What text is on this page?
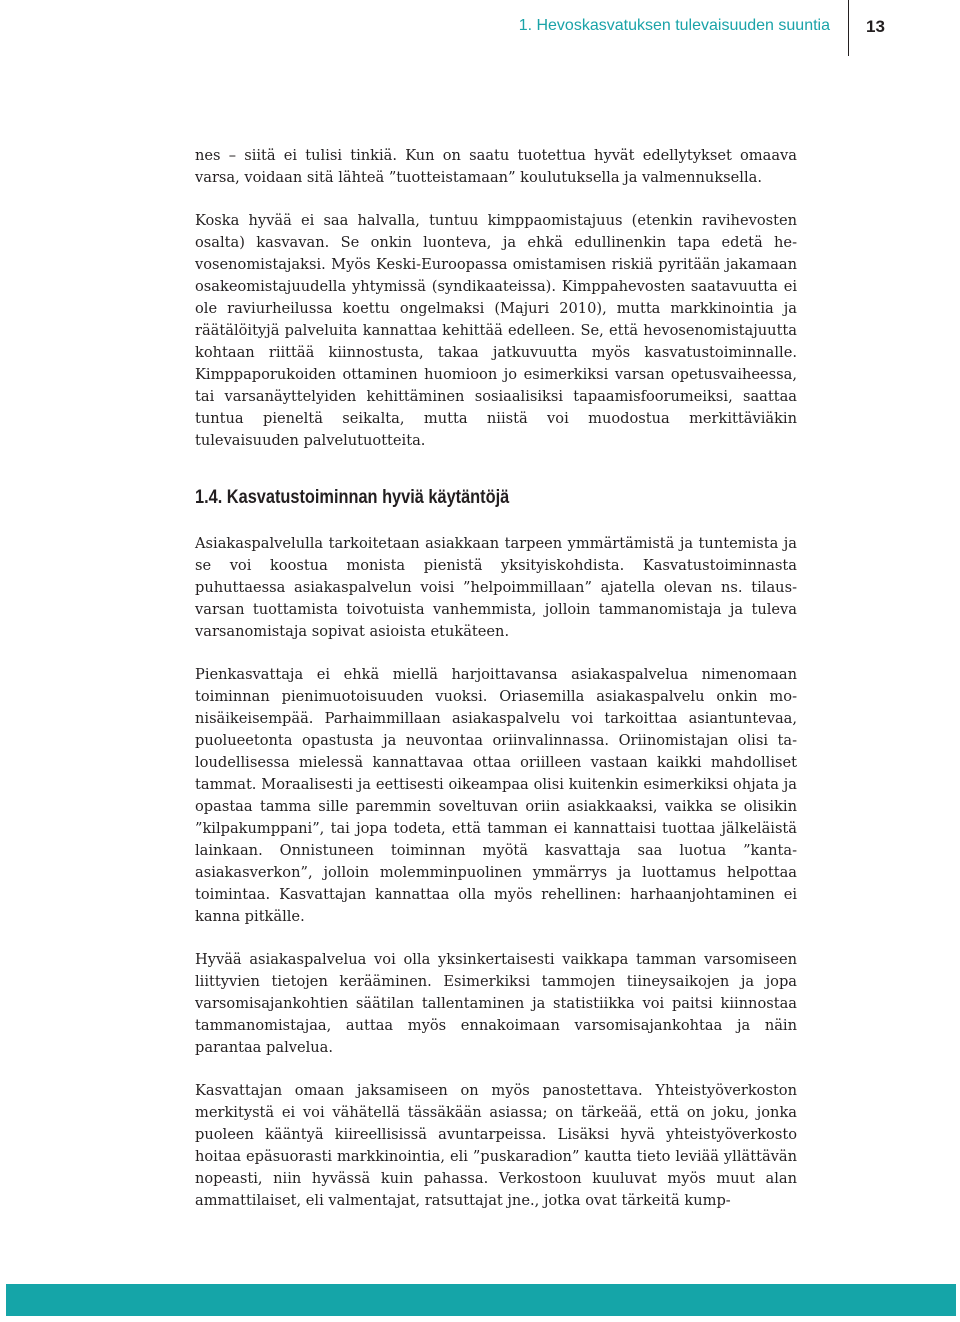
1. Hevoskasvatuksen tulevaisuuden suuntia 13

nes – siitä ei tulisi tinkiä. Kun on saatu tuotettua hyvät edellytykset omaava varsa, voidaan sitä lähteä ”tuotteistamaan” koulutuksella ja valmennuksella.

Koska hyvää ei saa halvalla, tuntuu kimppaomistajuus (etenkin ravihevosten osalta) kasvavan. Se onkin luonteva, ja ehkä edullinenkin tapa edetä hevosenomistajaksi. Myös Keski-Euroopassa omistamisen riskiä pyritään jakamaan osakeomistajuudella yhtymissä (syndikaateissa). Kimppahevosten saatavuutta ei ole raviurheilussa koettu ongelmaksi (Majuri 2010), mutta markkinointia ja räätälöityjä palveluita kannattaa kehittää edelleen. Se, että hevosenomistajuutta kohtaan riittää kiinnostusta, takaa jatkuvuutta myös kasvatustoiminnalle. Kimppaporukoiden ottaminen huomioon jo esimerkiksi varsan opetusvaiheessa, tai varsanäyttelyiden kehittäminen sosiaalisiksi tapaamisfoorumeiksi, saattaa tuntua pieneltä seikalta, mutta niistä voi muodostua merkittäviäkin tulevaisuuden palvelutuotteita.

1.4. Kasvatustoiminnan hyviä käytäntöjä

Asiakaspalvelulla tarkoitetaan asiakkaan tarpeen ymmärtämistä ja tuntemista ja se voi koostua monista pienistä yksityiskohdista. Kasvatustoiminnasta puhuttaessa asiakaspalvelun voisi ”helpoimmillaan” ajatella olevan ns. tilausvarsan tuottamista toivotuista vanhemmista, jolloin tammanomistaja ja tuleva varsanomistaja sopivat asioista etukäteen.

Pienkasvattaja ei ehkä miellä harjoittavansa asiakaspalvelua nimenomaan toiminnan pienimuotoisuuden vuoksi. Oriasemilla asiakaspalvelu onkin monisäikeisempää. Parhaimmillaan asiakaspalvelu voi tarkoittaa asiantuntevaa, puolueetonta opastusta ja neuvontaa oriinvalinnassa. Oriinomistajan olisi taloudellisessa mielessä kannattavaa ottaa oriilleen vastaan kaikki mahdolliset tammat. Moraalisesti ja eettisesti oikeampaa olisi kuitenkin esimerkiksi ohjata ja opastaa tamma sille paremmin soveltuvan oriin asiakkaaksi, vaikka se olisikin ”kilpakumppani”, tai jopa todeta, että tamman ei kannattaisi tuottaa jälkeläistä lainkaan. Onnistuneen toiminnan myötä kasvattaja saa luotua ”kanta-asiakasverkon”, jolloin molemminpuolinen ymmärrys ja luottamus helpottaa toimintaa. Kasvattajan kannattaa olla myös rehellinen: harhaanjohtaminen ei kanna pitkälle.

Hyvää asiakaspalvelua voi olla yksinkertaisesti vaikkapa tamman varsomiseen liittyvien tietojen kerääminen. Esimerkiksi tammojen tiineysaikojen ja jopa varsomisajankohtien säätilan tallentaminen ja statistiikka voi paitsi kiinnostaa tammanomistajaa, auttaa myös ennakoimaan varsomisajankohtaa ja näin parantaa palvelua.

Kasvattajan omaan jaksamiseen on myös panostettava. Yhteistyöverkoston merkitystä ei voi vähätellä tässäkään asiassa; on tärkeää, että on joku, jonka puoleen kääntyä kiireellisissä avuntarpeissa. Lisäksi hyvä yhteistyöverkosto hoitaa epäsuorasti markkinointia, eli ”puskaradion” kautta tieto leviää yllättävän nopeasti, niin hyvässä kuin pahassa. Verkostoon kuuluvat myös muut alan ammattilaiset, eli valmentajat, ratsuttajat jne., jotka ovat tärkeitä kump-
